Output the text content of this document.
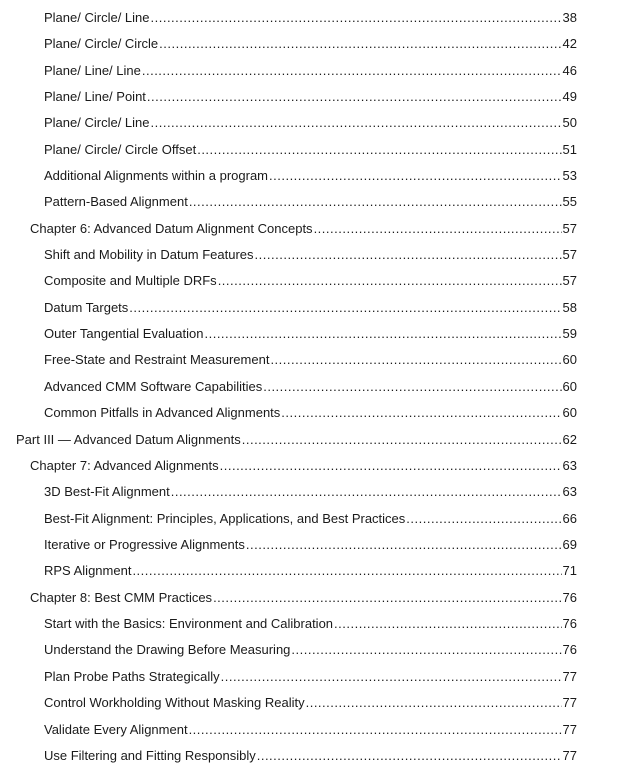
Plane/ Circle/ Line .....	38
Plane/ Circle/ Circle .....	42
Plane/ Line/ Line .....	46
Plane/ Line/ Point .....	49
Plane/ Circle/ Line .....	50
Plane/ Circle/ Circle Offset .....	51
Additional Alignments within a program .....	53
Pattern-Based Alignment .....	55
Chapter 6: Advanced Datum Alignment Concepts .....	57
Shift and Mobility in Datum Features .....	57
Composite and Multiple DRFs .....	57
Datum Targets .....	58
Outer Tangential Evaluation .....	59
Free-State and Restraint Measurement .....	60
Advanced CMM Software Capabilities .....	60
Common Pitfalls in Advanced Alignments .....	60
Part III — Advanced Datum Alignments .....	62
Chapter 7: Advanced Alignments .....	63
3D Best-Fit Alignment .....	63
Best-Fit Alignment: Principles, Applications, and Best Practices .....	66
Iterative or Progressive Alignments .....	69
RPS Alignment .....	71
Chapter 8: Best CMM Practices .....	76
Start with the Basics: Environment and Calibration .....	76
Understand the Drawing Before Measuring .....	76
Plan Probe Paths Strategically .....	77
Control Workholding Without Masking Reality .....	77
Validate Every Alignment .....	77
Use Filtering and Fitting Responsibly .....	77
